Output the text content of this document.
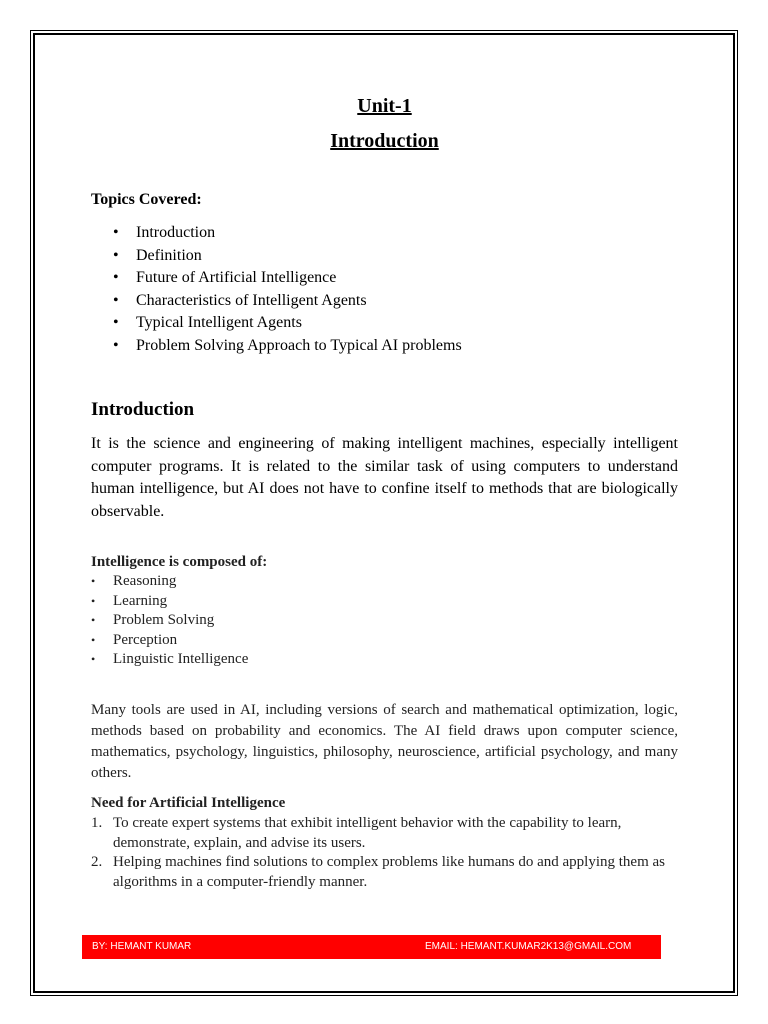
Unit-1
Introduction

Topics Covered:

• Introduction
• Definition
• Future of Artificial Intelligence
• Characteristics of Intelligent Agents
• Typical Intelligent Agents
• Problem Solving Approach to Typical AI problems
Introduction

It is the science and engineering of making intelligent machines, especially intelligent computer programs. It is related to the similar task of using computers to understand human intelligence, but AI does not have to confine itself to methods that are biologically observable.

Intelligence is composed of:

• Reasoning
• Learning
• Problem Solving
• Perception
• Linguistic Intelligence

Many tools are used in AI, including versions of search and mathematical optimization, logic, methods based on probability and economics. The AI field draws upon computer science, mathematics, psychology, linguistics, philosophy, neuroscience, artificial psychology, and many others.

Need for Artificial Intelligence

1. To create expert systems that exhibit intelligent behavior with the capability to learn, demonstrate, explain, and advise its users.
2. Helping machines find solutions to complex problems like humans do and applying them as algorithms in a computer-friendly manner.
BY: HEMANT KUMAR	EMAIL: HEMANT.KUMAR2K13@GMAIL.COM
